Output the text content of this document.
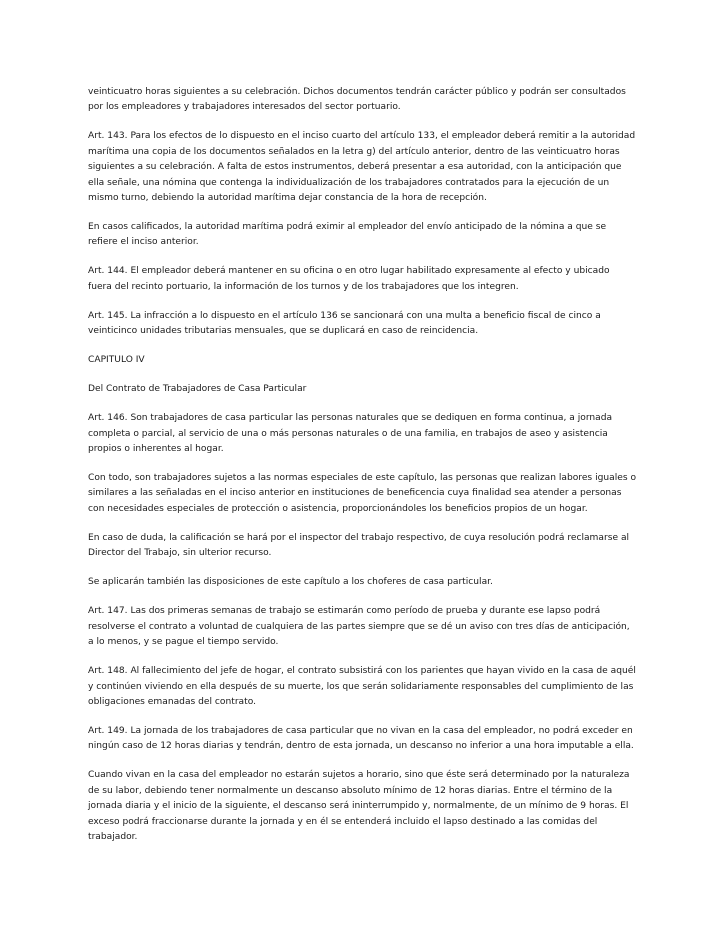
veinticuatro horas siguientes a su celebración. Dichos documentos tendrán carácter público y podrán ser consultados por los empleadores y trabajadores interesados del sector portuario.

Art. 143. Para los efectos de lo dispuesto en el inciso cuarto del artículo 133, el empleador deberá remitir a la autoridad marítima una copia de los documentos señalados en la letra g) del artículo anterior, dentro de las veinticuatro horas siguientes a su celebración. A falta de estos instrumentos, deberá presentar a esa autoridad, con la anticipación que ella señale, una nómina que contenga la individualización de los trabajadores contratados para la ejecución de un mismo turno, debiendo la autoridad marítima dejar constancia de la hora de recepción.

En casos calificados, la autoridad marítima podrá eximir al empleador del envío anticipado de la nómina a que se refiere el inciso anterior.

Art. 144. El empleador deberá mantener en su oficina o en otro lugar habilitado expresamente al efecto y ubicado fuera del recinto portuario, la información de los turnos y de los trabajadores que los integren.

Art. 145. La infracción a lo dispuesto en el artículo 136 se sancionará con una multa a beneficio fiscal de cinco a veinticinco unidades tributarias mensuales, que se duplicará en caso de reincidencia.

CAPITULO IV

Del Contrato de Trabajadores de Casa Particular

Art. 146. Son trabajadores de casa particular las personas naturales que se dediquen en forma continua, a jornada completa o parcial, al servicio de una o más personas naturales o de una familia, en trabajos de aseo y asistencia propios o inherentes al hogar.

Con todo, son trabajadores sujetos a las normas especiales de este capítulo, las personas que realizan labores iguales o similares a las señaladas en el inciso anterior en instituciones de beneficencia cuya finalidad sea atender a personas con necesidades especiales de protección o asistencia, proporcionándoles los beneficios propios de un hogar.

En caso de duda, la calificación se hará por el inspector del trabajo respectivo, de cuya resolución podrá reclamarse al Director del Trabajo, sin ulterior recurso.

Se aplicarán también las disposiciones de este capítulo a los choferes de casa particular.

Art. 147. Las dos primeras semanas de trabajo se estimarán como período de prueba y durante ese lapso podrá resolverse el contrato a voluntad de cualquiera de las partes siempre que se dé un aviso con tres días de anticipación, a lo menos, y se pague el tiempo servido.

Art. 148. Al fallecimiento del jefe de hogar, el contrato subsistirá con los parientes que hayan vivido en la casa de aquél y continúen viviendo en ella después de su muerte, los que serán solidariamente responsables del cumplimiento de las obligaciones emanadas del contrato.

Art. 149. La jornada de los trabajadores de casa particular que no vivan en la casa del empleador, no podrá exceder en ningún caso de 12 horas diarias y tendrán, dentro de esta jornada, un descanso no inferior a una hora imputable a ella.

Cuando vivan en la casa del empleador no estarán sujetos a horario, sino que éste será determinado por la naturaleza de su labor, debiendo tener normalmente un descanso absoluto mínimo de 12 horas diarias. Entre el término de la jornada diaria y el inicio de la siguiente, el descanso será ininterrumpido y, normalmente, de un mínimo de 9 horas. El exceso podrá fraccionarse durante la jornada y en él se entenderá incluido el lapso destinado a las comidas del trabajador.
